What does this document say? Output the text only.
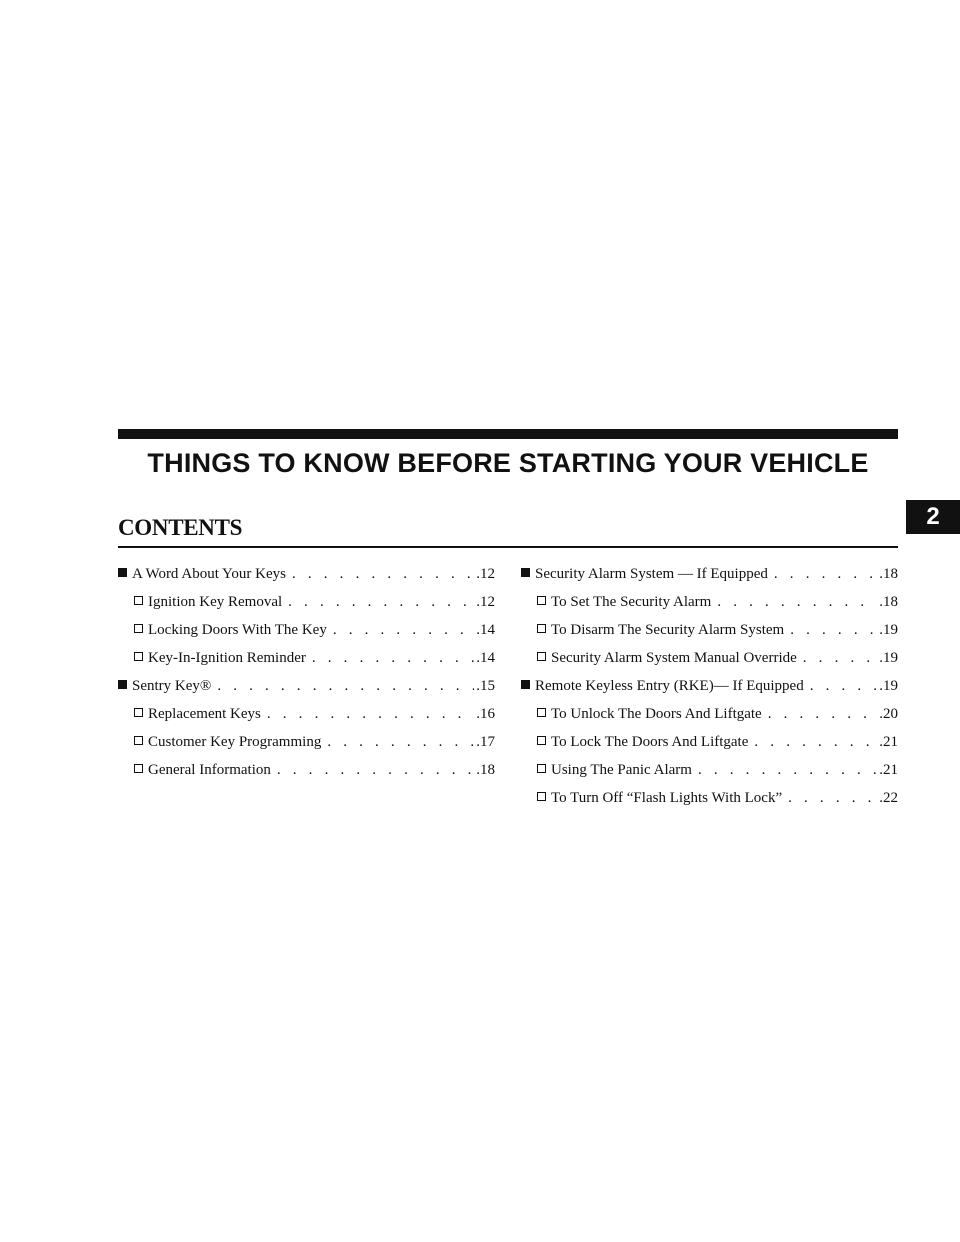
THINGS TO KNOW BEFORE STARTING YOUR VEHICLE
CONTENTS	2
A Word About Your Keys . . .	.12
Ignition Key Removal . . .	.12
Locking Doors With The Key . . .	.14
Key-In-Ignition Reminder . . .	.14
Sentry Key® . . .	.15
Replacement Keys . . .	.16
Customer Key Programming . . .	.17
General Information . . .	.18
Security Alarm System — If Equipped . . .	.18
To Set The Security Alarm . . .	.18
To Disarm The Security Alarm System . . .	.19
Security Alarm System Manual Override . . .	.19
Remote Keyless Entry (RKE)— If Equipped . . .	.19
To Unlock The Doors And Liftgate . . .	.20
To Lock The Doors And Liftgate . . .	.21
Using The Panic Alarm . . .	.21
To Turn Off “Flash Lights With Lock” . . .	.22
